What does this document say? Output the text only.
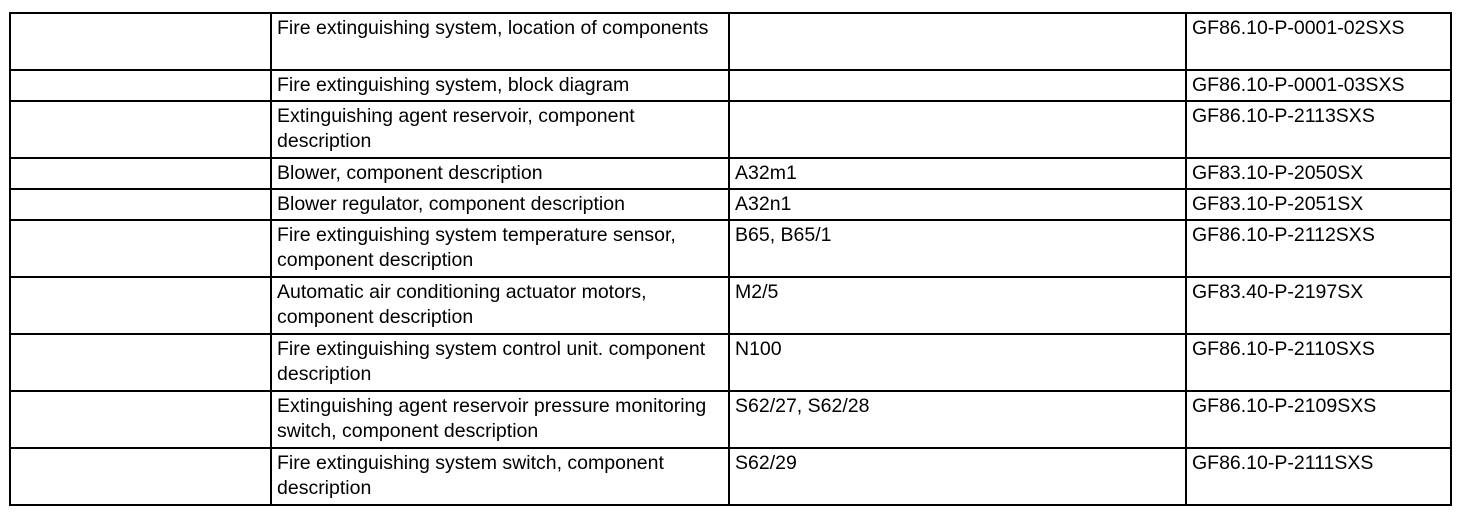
	Fire extinguishing system, location of components		GF86.10-P-0001-02SXS
	Fire extinguishing system, block diagram		GF86.10-P-0001-03SXS
	Extinguishing agent reservoir, component description		GF86.10-P-2113SXS
	Blower, component description	A32m1	GF83.10-P-2050SX
	Blower regulator, component description	A32n1	GF83.10-P-2051SX
	Fire extinguishing system temperature sensor, component description	B65, B65/1	GF86.10-P-2112SXS
	Automatic air conditioning actuator motors, component description	M2/5	GF83.40-P-2197SX
	Fire extinguishing system control unit. component description	N100	GF86.10-P-2110SXS
	Extinguishing agent reservoir pressure monitoring switch, component description	S62/27, S62/28	GF86.10-P-2109SXS
	Fire extinguishing system switch, component description	S62/29	GF86.10-P-2111SXS
